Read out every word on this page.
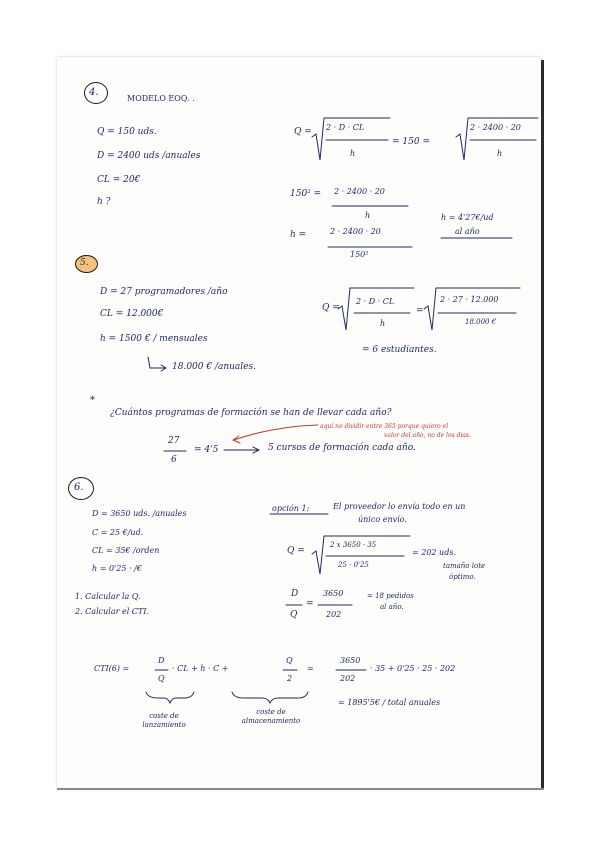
4.
MODELO EOQ. .
Q = 150 uds.
D = 2400 uds /anuales
CL = 20€
h ?
Q = 2 · D · CL
h
= 150 =
2 · 2400 · 20
h
150² = 2 · 2400 · 20
h
h =	2 · 2400 · 20
150²
h = 4'27€/ud
al año
5.
D = 27 programadores /año
CL = 12.000€
h = 1500 € / mensuales
18.000 € /anuales.
Q =
2 · D · CL
h
=
2 · 27 · 12.000
18.000 €
= 6 estudiantes.
*
¿Cuántos programas de formación se han de llevar cada año?
27
6
= 4'5	5 cursos de formación cada año.
aquí no dividir entre 365 porque quiero el
valor del año, no de los días.
6.
D = 3650 uds. /anuales
C = 25 €/ud.
CL = 35€ /orden
h = 0'25 · /€
opción 1:	El proveedor lo envía todo en un
único envío.
Q =
2 x 3650 · 35
25 · 0'25
= 202 uds.
tamaño lote
óptimo.
1. Calcular la Q.
2. Calcular el CTI.
D
Q
=
3650
202
= 18 pedidos
al año.
CTI(6) =
D
Q
· CL + h · C +
Q
2
=
3650
202
· 35 + 0'25 · 25 · 202
coste de lanzamiento
coste de almacenamiento
= 1895'5€ / total anuales
